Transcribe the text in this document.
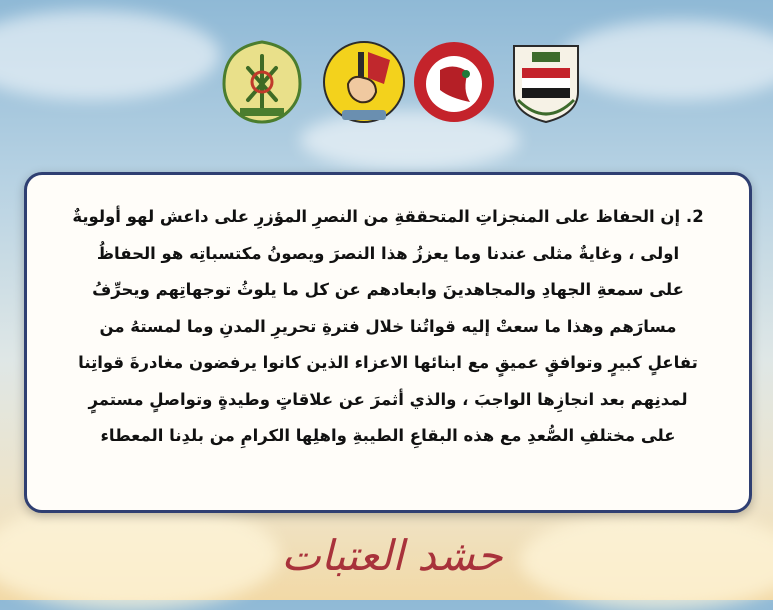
2. إن الحفاظ على المنجزاتِ المتحققةِ من النصرِ المؤزرِ على داعش لهو أولويةٌ
اولى ، وغايةٌ مثلى عندنا وما يعززُ هذا النصرَ ويصونُ مكتسباتِه هو الحفاظُ
على سمعةِ الجهادِ والمجاهدينَ وابعادهم عن كل ما يلوثُ توجهاتِهم ويحرِّفُ
مسارَهم وهذا ما سعتْ إليه قواتُنا خلال فترةِ تحريرِ المدنِ وما لمستهُ من
تفاعلٍ كبيرٍ وتوافقٍ عميقٍ مع ابنائها الاعزاء الذين كانوا يرفضون مغادرةَ قواتِنا
لمدنِهم بعد انجازِها الواجبَ ، والذي أثمرَ عن علاقاتٍ وطيدةٍ وتواصلٍ مستمرٍ
على مختلفِ الصُّعدِ مع هذه البقاعِ الطيبةِ واهلِها الكرامِ من بلدِنا المعطاء
حشد العتبات
